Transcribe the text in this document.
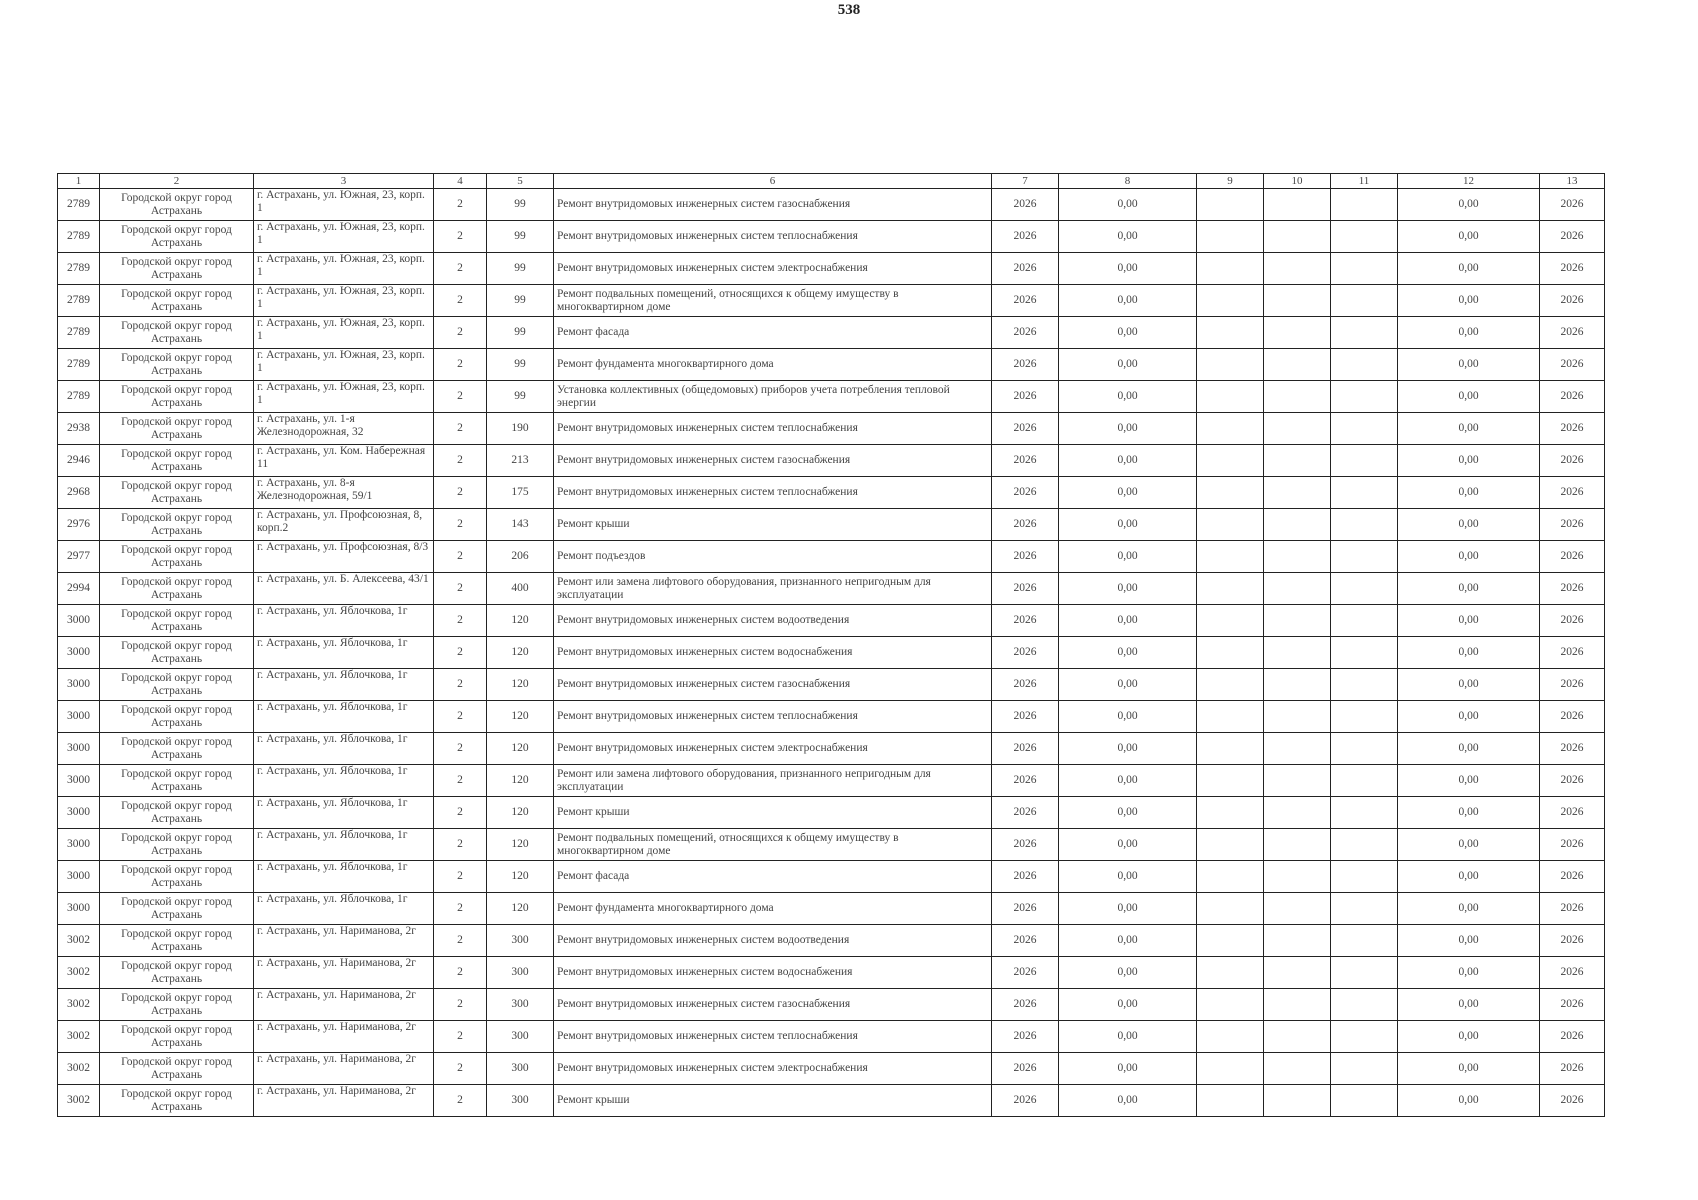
538
1	2	3	4	5	6	7	8	9	10	11	12	13
2789	Городской округ город Астрахань	г. Астрахань, ул. Южная, 23, корп. 1	2	99	Ремонт внутридомовых инженерных систем газоснабжения	2026	0,00				0,00	2026
2789	Городской округ город Астрахань	г. Астрахань, ул. Южная, 23, корп. 1	2	99	Ремонт внутридомовых инженерных систем теплоснабжения	2026	0,00				0,00	2026
2789	Городской округ город Астрахань	г. Астрахань, ул. Южная, 23, корп. 1	2	99	Ремонт внутридомовых инженерных систем электроснабжения	2026	0,00				0,00	2026
2789	Городской округ город Астрахань	г. Астрахань, ул. Южная, 23, корп. 1	2	99	Ремонт подвальных помещений, относящихся к общему имуществу в многоквартирном доме	2026	0,00				0,00	2026
2789	Городской округ город Астрахань	г. Астрахань, ул. Южная, 23, корп. 1	2	99	Ремонт фасада	2026	0,00				0,00	2026
2789	Городской округ город Астрахань	г. Астрахань, ул. Южная, 23, корп. 1	2	99	Ремонт фундамента многоквартирного дома	2026	0,00				0,00	2026
2789	Городской округ город Астрахань	г. Астрахань, ул. Южная, 23, корп. 1	2	99	Установка коллективных (общедомовых) приборов учета потребления тепловой энергии	2026	0,00				0,00	2026
2938	Городской округ город Астрахань	г. Астрахань, ул. 1-я Железнодорожная, 32	2	190	Ремонт внутридомовых инженерных систем теплоснабжения	2026	0,00				0,00	2026
2946	Городской округ город Астрахань	г. Астрахань, ул. Ком. Набережная 11	2	213	Ремонт внутридомовых инженерных систем газоснабжения	2026	0,00				0,00	2026
2968	Городской округ город Астрахань	г. Астрахань, ул. 8-я Железнодорожная, 59/1	2	175	Ремонт внутридомовых инженерных систем теплоснабжения	2026	0,00				0,00	2026
2976	Городской округ город Астрахань	г. Астрахань, ул. Профсоюзная, 8, корп.2	2	143	Ремонт крыши	2026	0,00				0,00	2026
2977	Городской округ город Астрахань	г. Астрахань, ул. Профсоюзная, 8/3	2	206	Ремонт подъездов	2026	0,00				0,00	2026
2994	Городской округ город Астрахань	г. Астрахань, ул. Б. Алексеева, 43/1	2	400	Ремонт или замена лифтового оборудования, признанного непригодным для эксплуатации	2026	0,00				0,00	2026
3000	Городской округ город Астрахань	г. Астрахань, ул. Яблочкова, 1г	2	120	Ремонт внутридомовых инженерных систем водоотведения	2026	0,00				0,00	2026
3000	Городской округ город Астрахань	г. Астрахань, ул. Яблочкова, 1г	2	120	Ремонт внутридомовых инженерных систем водоснабжения	2026	0,00				0,00	2026
3000	Городской округ город Астрахань	г. Астрахань, ул. Яблочкова, 1г	2	120	Ремонт внутридомовых инженерных систем газоснабжения	2026	0,00				0,00	2026
3000	Городской округ город Астрахань	г. Астрахань, ул. Яблочкова, 1г	2	120	Ремонт внутридомовых инженерных систем теплоснабжения	2026	0,00				0,00	2026
3000	Городской округ город Астрахань	г. Астрахань, ул. Яблочкова, 1г	2	120	Ремонт внутридомовых инженерных систем электроснабжения	2026	0,00				0,00	2026
3000	Городской округ город Астрахань	г. Астрахань, ул. Яблочкова, 1г	2	120	Ремонт или замена лифтового оборудования, признанного непригодным для эксплуатации	2026	0,00				0,00	2026
3000	Городской округ город Астрахань	г. Астрахань, ул. Яблочкова, 1г	2	120	Ремонт крыши	2026	0,00				0,00	2026
3000	Городской округ город Астрахань	г. Астрахань, ул. Яблочкова, 1г	2	120	Ремонт подвальных помещений, относящихся к общему имуществу в многоквартирном доме	2026	0,00				0,00	2026
3000	Городской округ город Астрахань	г. Астрахань, ул. Яблочкова, 1г	2	120	Ремонт фасада	2026	0,00				0,00	2026
3000	Городской округ город Астрахань	г. Астрахань, ул. Яблочкова, 1г	2	120	Ремонт фундамента многоквартирного дома	2026	0,00				0,00	2026
3002	Городской округ город Астрахань	г. Астрахань, ул. Нариманова, 2г	2	300	Ремонт внутридомовых инженерных систем водоотведения	2026	0,00				0,00	2026
3002	Городской округ город Астрахань	г. Астрахань, ул. Нариманова, 2г	2	300	Ремонт внутридомовых инженерных систем водоснабжения	2026	0,00				0,00	2026
3002	Городской округ город Астрахань	г. Астрахань, ул. Нариманова, 2г	2	300	Ремонт внутридомовых инженерных систем газоснабжения	2026	0,00				0,00	2026
3002	Городской округ город Астрахань	г. Астрахань, ул. Нариманова, 2г	2	300	Ремонт внутридомовых инженерных систем теплоснабжения	2026	0,00				0,00	2026
3002	Городской округ город Астрахань	г. Астрахань, ул. Нариманова, 2г	2	300	Ремонт внутридомовых инженерных систем электроснабжения	2026	0,00				0,00	2026
3002	Городской округ город Астрахань	г. Астрахань, ул. Нариманова, 2г	2	300	Ремонт крыши	2026	0,00				0,00	2026
